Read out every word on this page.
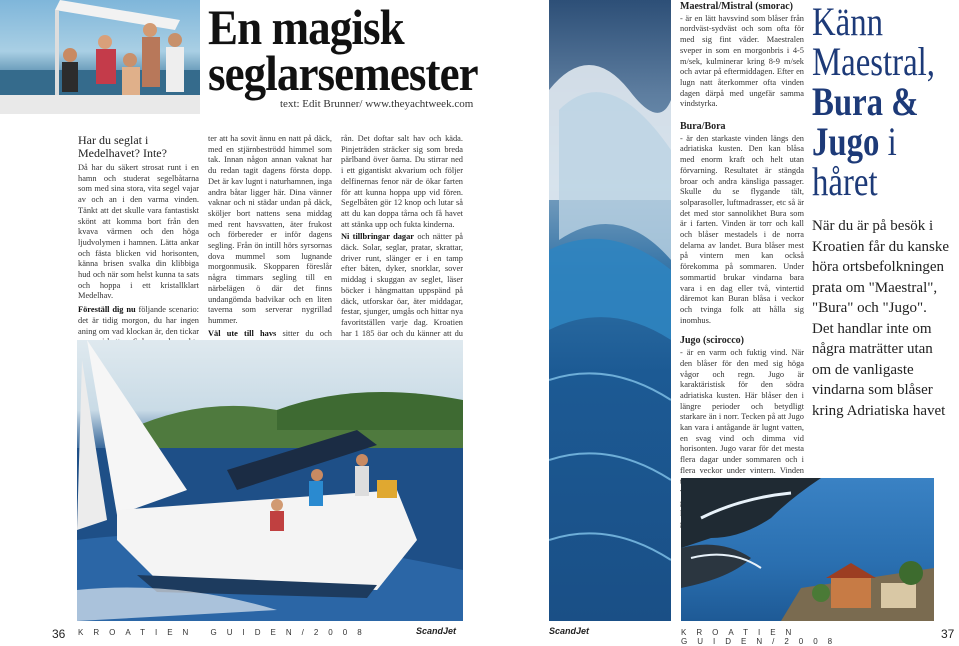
En magisk
seglarsemester
text: Edit Brunner/ www.theyachtweek.com
Har du seglat i Medelhavet? Inte?

Då har du säkert strosat runt i en hamn och studerat segelbåtarna som med sina stora, vita segel vajar av och an i den varma vinden. Tänkt att det skulle vara fantastiskt skönt att komma bort från den kvava värmen och den höga ljudvolymen i hamnen. Lätta ankar och fästa blicken vid horisonten, känna brisen svalka din klibbiga hud och när som helst kunna ta sats och hoppa i ett kristallklart Medelhav.

Föreställ dig nu följande scenario: det är tidig morgon, du har ingen aning om vad klockan är, den tickar

ter att ha sovit ännu en natt på däck, med en stjärnbeströdd himmel som tak. Innan någon annan vaknat har du redan tagit dagens första dopp. Det är kav lugnt i naturhamnen, inga andra båtar ligger här. Dina vänner vaknar och ni städar undan på däck, sköljer bort nattens sena middag med rent havsvatten, äter frukost och förbereder er inför dagens segling. Från ön intill hörs syrsornas dova mummel som lugnande morgonmusik. Skopparen föreslår några timmars segling till en närbelägen ö där det finns undangömda badvikar och en liten taverna som serverar nygrillad hummer.

Väl ute till havs sitter du och

rån. Det doftar salt hav och käda. Pinjeträden sträcker sig som breda pärlband över öarna. Du stirrar ned i ett gigantiskt akvarium och följer delfinernas fenor när de ökar farten för att kunna hoppa upp vid fören. Segelbåten gör 12 knop och lutar så att du kan doppa tårna och få havet att stänka upp och fukta kinderna.

Ni tillbringar dagar och nätter på däck. Solar, seglar, pratar, skrattar, driver runt, slänger er i en tamp efter båten, dyker, snorklar, sover middag i skuggan av seglet, läser böcker i hängmattan uppspänd på däck, utforskar öar, äter middagar, festar, sjunger, umgås och hittar nya favoritställen varje dag. Kroatien har 1 185 öar och du känner att du

36 KROATIEN GUIDEN/2008	ScandJet
Maestral/Mistral (smorac)

- är en lätt havsvind som blåser från nordväst-sydväst och som ofta för med sig fint väder. Maestralen sveper in som en morgonbris i 4-5 m/sek, kulminerar kring 8-9 m/sek och avtar på eftermiddagen. Efter en lugn natt återkommer ofta vinden dagen därpå med ungefär samma vindstyrka.

Bura/Bora

- är den starkaste vinden längs den adriatiska kusten. Den kan blåsa med enorm kraft och helt utan förvarning. Resultatet är stängda broar och andra känsliga passager. Skulle du se flygande tält, solparasoller, luftmadrasser, etc så är det med stor sannolikhet Bura som är i farten. Vinden är torr och kall och blåser mestadels i de norra delarna av landet. Bura blåser mest på vintern men kan också förekomma på sommaren. Under sommartid brukar vindarna bara vara i en dag eller två, vintertid däremot kan Buran blåsa i veckor och tvinga folk att hålla sig inomhus.

Jugo (scirocco)

- är en varm och fuktig vind. När den blåser för den med sig höga vågor och regn. Jugo är karaktäristisk för den södra adriatiska kusten. Här blåser den i längre perioder och betydligt starkare än i norr. Tecken på att Jugo kan vara i antågande är lugnt vatten, en svag vind och dimma vid horisonten. Jugo varar för det mesta flera dagar under sommaren och i flera veckor under vintern. Vinden

Känn
Maestral,
Bura &
Jugo i
håret
När du är på besök i Kroatien får du kanske höra ortsbefolkningen prata om "Maestral", "Bura" och "Jugo". Det handlar inte om några maträtter utan om de vanligaste vindarna som blåser kring Adriatiska havet
ScandJet	KROATIEN GUIDEN/2008
37
